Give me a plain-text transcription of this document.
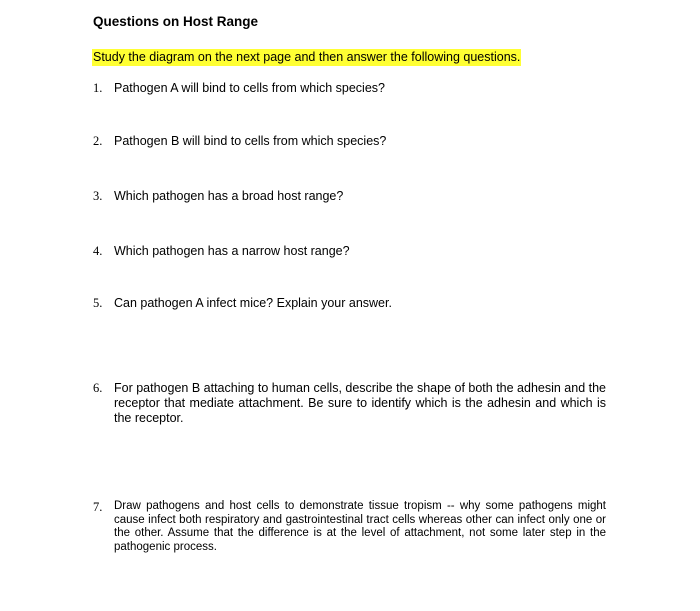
Questions on Host Range
Study the diagram on the next page and then answer the following questions.
1. Pathogen A will bind to cells from which species?
2. Pathogen B will bind to cells from which species?
3. Which pathogen has a broad host range?
4. Which pathogen has a narrow host range?
5. Can pathogen A infect mice? Explain your answer.
6. For pathogen B attaching to human cells, describe the shape of both the adhesin and the receptor that mediate attachment. Be sure to identify which is the adhesin and which is the receptor.
7. Draw pathogens and host cells to demonstrate tissue tropism -- why some pathogens might cause infect both respiratory and gastrointestinal tract cells whereas other can infect only one or the other. Assume that the difference is at the level of attachment, not some later step in the pathogenic process.
